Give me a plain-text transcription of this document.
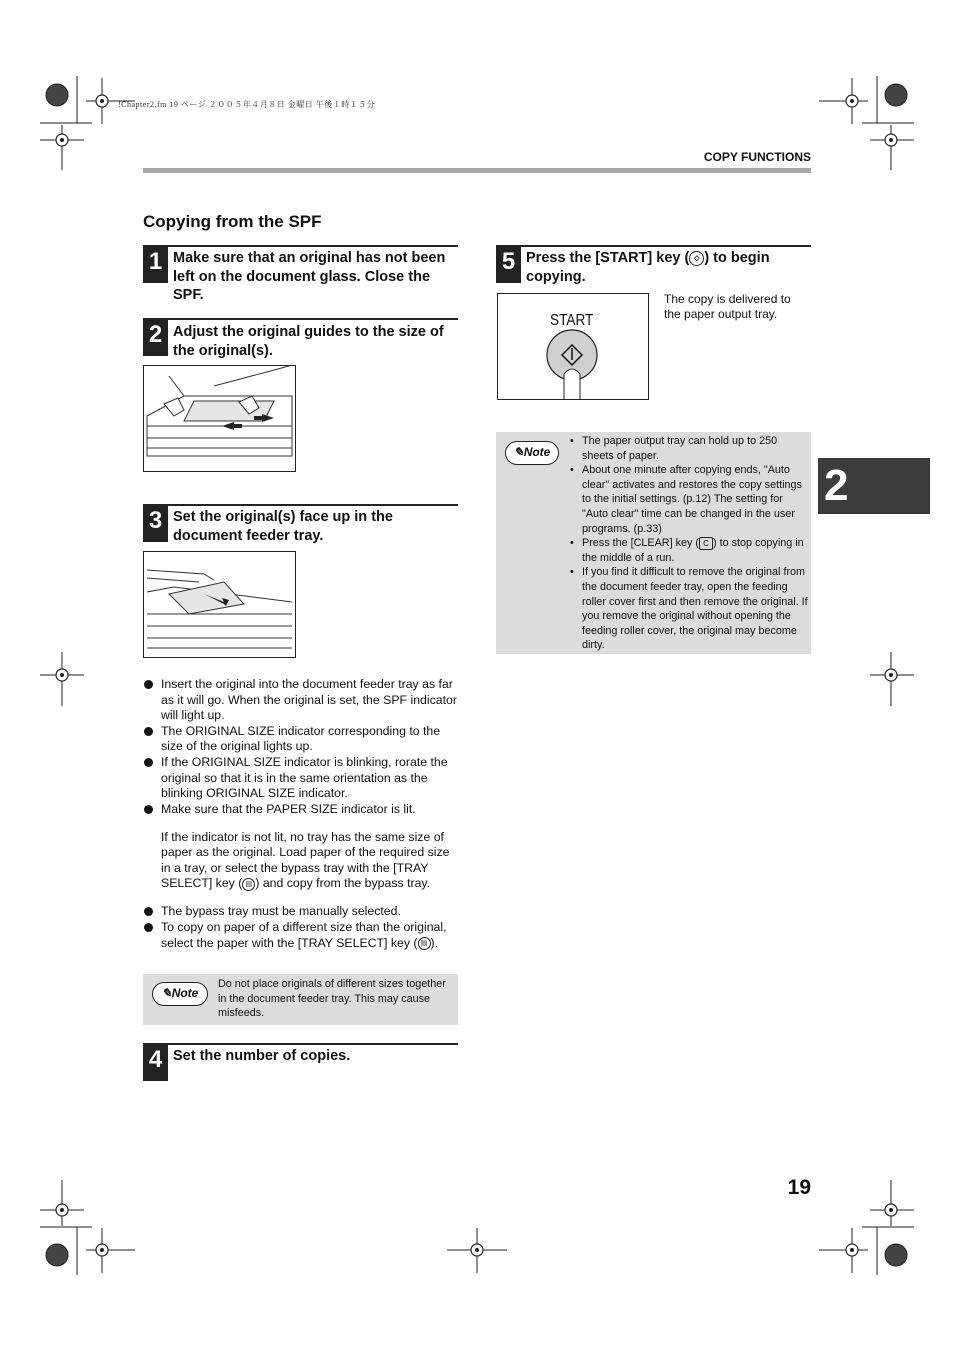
!Chapter2.fm 19 ページ ２００５年４月８日 金曜日 午後１時１５分
COPY FUNCTIONS
Copying from the SPF
1 Make sure that an original has not been left on the document glass. Close the SPF.
2 Adjust the original guides to the size of the original(s).
3 Set the original(s) face up in the document feeder tray.

Insert the original into the document feeder tray as far as it will go. When the original is set, the SPF indicator will light up.

The ORIGINAL SIZE indicator corresponding to the size of the original lights up.

If the ORIGINAL SIZE indicator is blinking, rorate the original so that it is in the same orientation as the blinking ORIGINAL SIZE indicator.

Make sure that the PAPER SIZE indicator is lit.

If the indicator is not lit, no tray has the same size of paper as the original. Load paper of the required size in a tray, or select the bypass tray with the [TRAY SELECT] key ( ▤ ) and copy from the bypass tray.

The bypass tray must be manually selected.

To copy on paper of a different size than the original, select the paper with the [TRAY SELECT] key ( ▤ ).

✎Note
Do not place originals of different sizes together in the document feeder tray. This may cause misfeeds.
4 Set the number of copies.
5 Press the [START] key ( ◇ ) to begin copying.
START
The copy is delivered to the paper output tray.
✎Note
• The paper output tray can hold up to 250 sheets of paper.
• About one minute after copying ends, "Auto clear" activates and restores the copy settings to the initial settings. (p.12) The setting for "Auto clear" time can be changed in the user programs. (p.33)
• Press the [CLEAR] key ( C ) to stop copying in the middle of a run.
• If you find it difficult to remove the original from the document feeder tray, open the feeding roller cover first and then remove the original. If you remove the original without opening the feeding roller cover, the original may become dirty.
2
19
